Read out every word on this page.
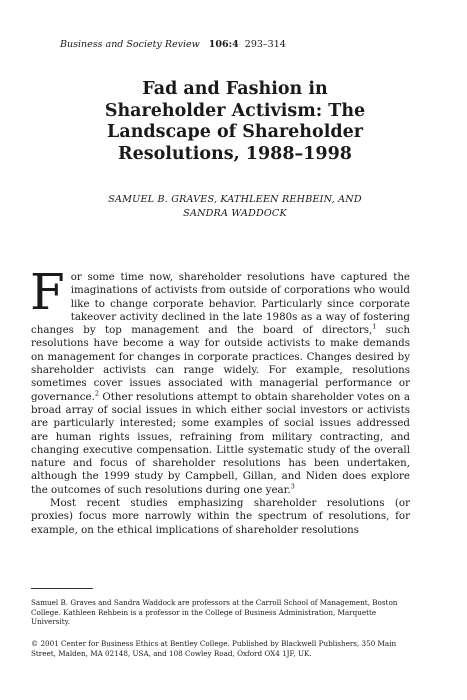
Business and Society Review 106:4 293–314
Fad and Fashion in
Shareholder Activism: The
Landscape of Shareholder
Resolutions, 1988–1998
SAMUEL B. GRAVES, KATHLEEN REHBEIN, AND
SANDRA WADDOCK

For some time now, shareholder resolutions have captured the imaginations of activists from outside of corporations who would like to change corporate behavior. Particularly since corporate takeover activity declined in the late 1980s as a way of fostering changes by top management and the board of directors,$^1$ such resolutions have become a way for outside activists to make demands on management for changes in corporate practices. Changes desired by shareholder activists can range widely. For example, resolutions sometimes cover issues associated with managerial performance or governance.$^2$ Other resolutions attempt to obtain shareholder votes on a broad array of social issues in which either social investors or activists are particularly interested; some examples of social issues addressed are human rights issues, refraining from military contracting, and changing executive compensation. Little systematic study of the overall nature and focus of shareholder resolutions has been undertaken, although the 1999 study by Campbell, Gillan, and Niden does explore the outcomes of such resolutions during one year.$^3$

Most recent studies emphasizing shareholder resolutions (or proxies) focus more narrowly within the spectrum of resolutions, for example, on the ethical implications of shareholder resolutions

Samuel B. Graves and Sandra Waddock are professors at the Carroll School of Management, Boston College. Kathleen Rehbein is a professor in the College of Business Administration, Marquette University.
© 2001 Center for Business Ethics at Bentley College. Published by Blackwell Publishers, 350 Main Street, Malden, MA 02148, USA, and 108 Cowley Road, Oxford OX4 1JF, UK.
